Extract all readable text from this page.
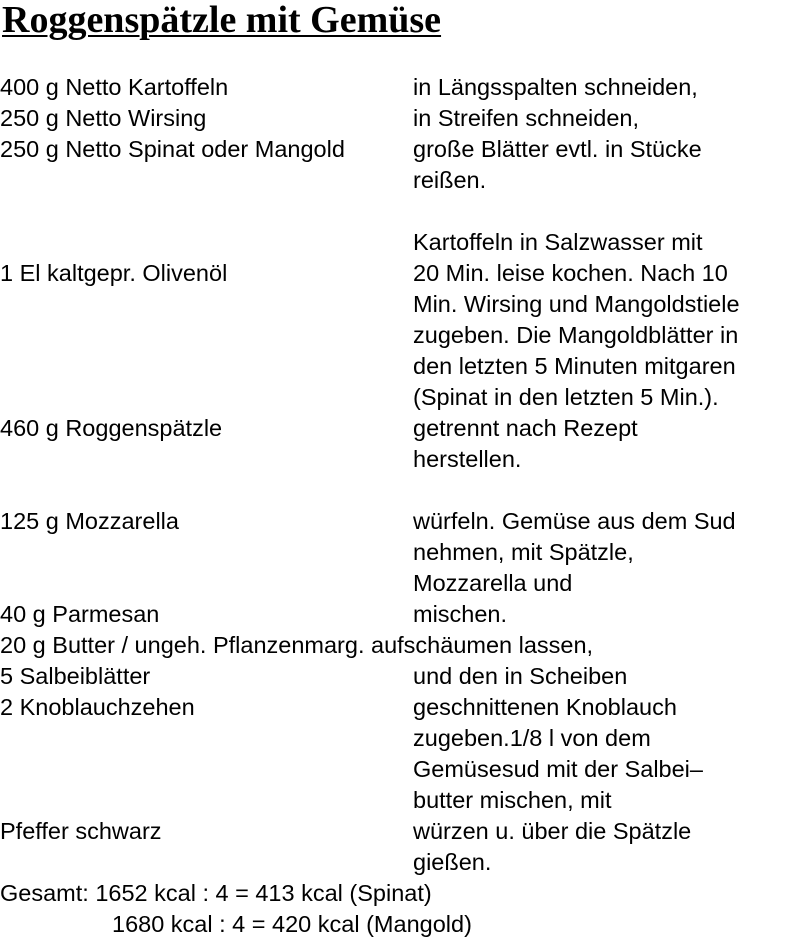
Roggenspätzle mit Gemüse
400 g Netto Kartoffeln	in Längsspalten schneiden,
250 g Netto Wirsing	in Streifen schneiden,
250 g Netto Spinat oder Mangold	große Blätter evtl. in Stücke
reißen.
Kartoffeln in Salzwasser mit
1 El kaltgepr. Olivenöl	20 Min. leise kochen. Nach 10
Min. Wirsing und Mangoldstiele
zugeben. Die Mangoldblätter in
den letzten 5 Minuten mitgaren
(Spinat in den letzten 5 Min.).
460 g Roggenspätzle	getrennt nach Rezept
herstellen.
125 g Mozzarella	würfeln. Gemüse aus dem Sud
nehmen, mit Spätzle,
Mozzarella und
40 g Parmesan	mischen.
20 g Butter / ungeh. Pflanzenmarg. aufschäumen lassen,
5 Salbeiblätter	und den in Scheiben
2 Knoblauchzehen	geschnittenen Knoblauch
zugeben.1/8 l von dem
Gemüsesud mit der Salbei–
butter mischen, mit
Pfeffer schwarz	würzen u. über die Spätzle
gießen.
Gesamt: 1652 kcal : 4 = 413 kcal (Spinat)
1680 kcal : 4 = 420 kcal (Mangold)
